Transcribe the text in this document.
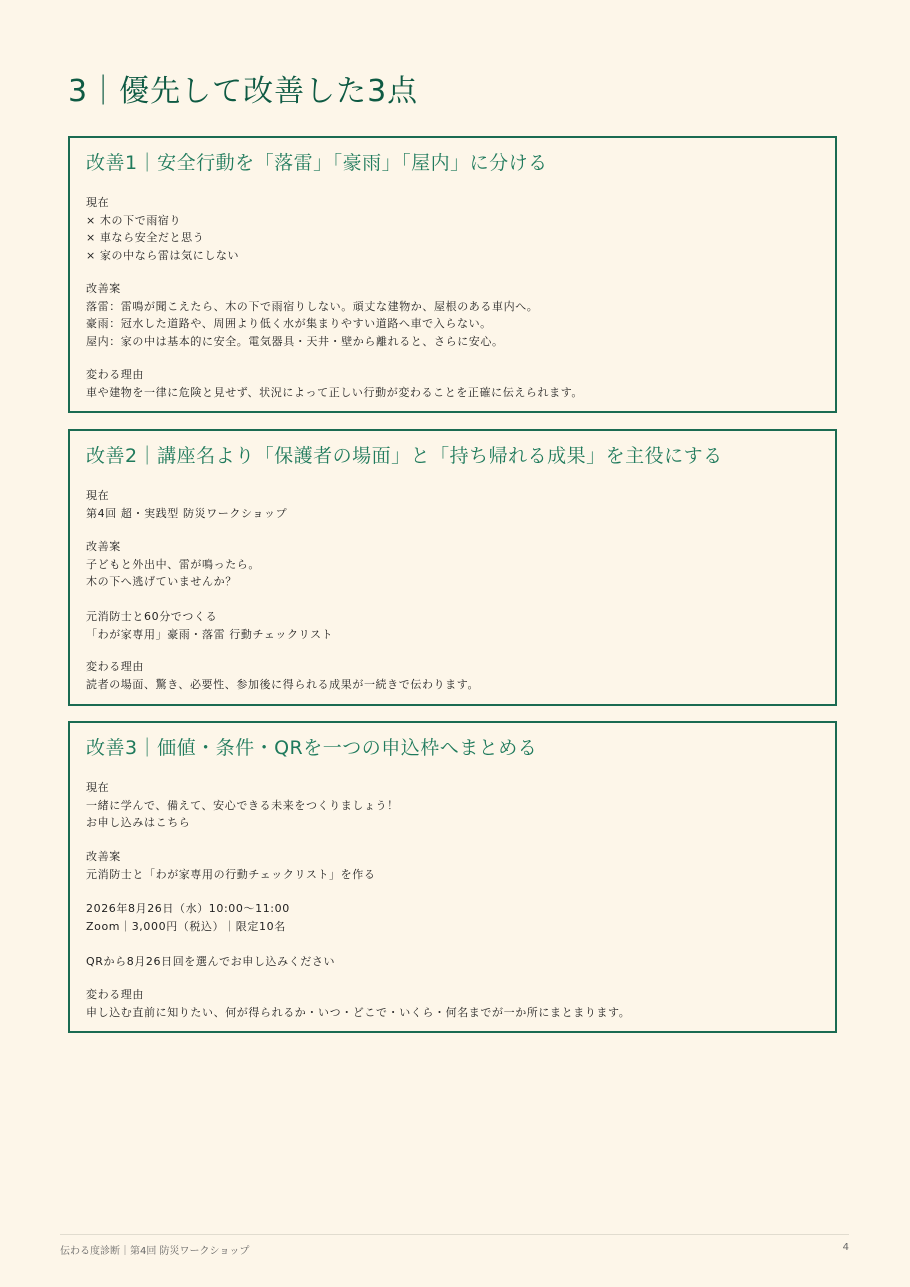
3｜優先して改善した3点
改善1｜安全行動を「落雷」「豪雨」「屋内」に分ける
現在
× 木の下で雨宿り
× 車なら安全だと思う
× 家の中なら雷は気にしない
改善案
落雷：雷鳴が聞こえたら、木の下で雨宿りしない。頑丈な建物か、屋根のある車内へ。
豪雨：冠水した道路や、周囲より低く水が集まりやすい道路へ車で入らない。
屋内：家の中は基本的に安全。電気器具・天井・壁から離れると、さらに安心。
変わる理由
車や建物を一律に危険と見せず、状況によって正しい行動が変わることを正確に伝えられます。
改善2｜講座名より「保護者の場面」と「持ち帰れる成果」を主役にする
現在
第4回 超・実践型 防災ワークショップ
改善案
子どもと外出中、雷が鳴ったら。
木の下へ逃げていませんか？
元消防士と60分でつくる
「わが家専用」豪雨・落雷 行動チェックリスト
変わる理由
読者の場面、驚き、必要性、参加後に得られる成果が一続きで伝わります。
改善3｜価値・条件・QRを一つの申込枠へまとめる
現在
一緒に学んで、備えて、安心できる未来をつくりましょう！
お申し込みはこちら
改善案
元消防士と「わが家専用の行動チェックリスト」を作る
2026年8月26日（水）10:00〜11:00
Zoom｜3,000円（税込）｜限定10名
QRから8月26日回を選んでお申し込みください
変わる理由
申し込む直前に知りたい、何が得られるか・いつ・どこで・いくら・何名までが一か所にまとまります。
伝わる度診断｜第4回 防災ワークショップ	4
